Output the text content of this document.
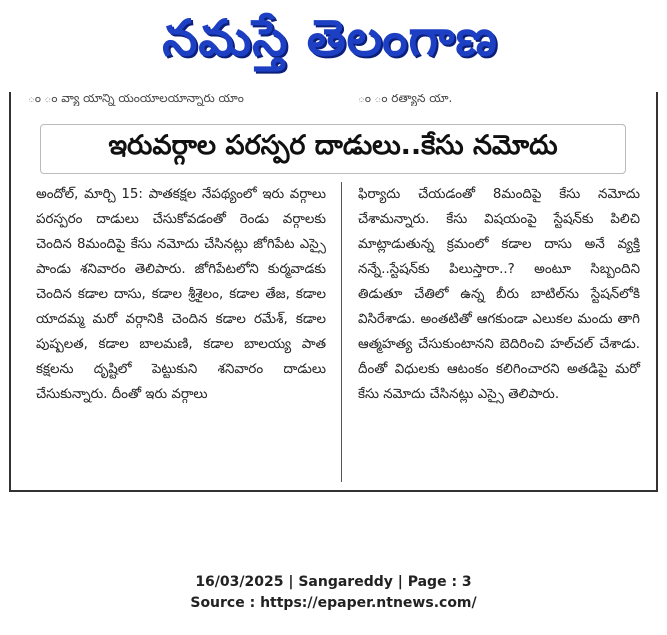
నమస్తే తెలంగాణ
ం ం వ్యా యాన్ని యంయాలయాన్నారు యాం	ం ం రత్యాన యా.
ఇరువర్గాల పరస్పర దాడులు..కేసు నమోదు
అందోల్, మార్చి 15: పాతకక్షల నేపథ్యంలో ఇరు వర్గాలు పరస్పరం దాడులు చేసుకోవడంతో రెండు వర్గాలకు చెందిన 8మందిపై కేసు నమోదు చేసినట్లు జోగిపేట ఎస్సై పాండు శనివారం తెలిపారు. జోగిపేటలోని కుర్మవాడకు చెందిన కడాల దాసు, కడాల శ్రీశైలం, కడాల తేజ, కడాల యాదమ్మ మరో వర్గానికి చెందిన కడాల రమేశ్, కడాల పుష్పలత, కడాల బాలమణి, కడాల బాలయ్య పాత కక్షలను దృష్టిలో పెట్టుకుని శనివారం దాడులు చేసుకున్నారు. దీంతో ఇరు వర్గాలు
ఫిర్యాదు చేయడంతో 8మందిపై కేసు నమోదు చేశామన్నారు. కేసు విషయంపై స్టేషన్‌కు పిలిచి మాట్లాడుతున్న క్రమంలో కడాల దాసు అనే వ్యక్తి నన్నే..స్టేషన్‌కు పిలుస్తారా..? అంటూ సిబ్బందిని తిడుతూ చేతిలో ఉన్న బీరు బాటిల్‌ను స్టేషన్‌లోకి విసిరేశాడు. అంతటితో ఆగకుండా ఎలుకల మందు తాగి ఆత్మహత్య చేసుకుంటానని బెదిరించి హల్‌చల్ చేశాడు. దీంతో విధులకు ఆటంకం కలిగించారని అతడిపై మరో కేసు నమోదు చేసినట్లు ఎస్సై తెలిపారు.
16/03/2025 | Sangareddy | Page : 3
Source : https://epaper.ntnews.com/
